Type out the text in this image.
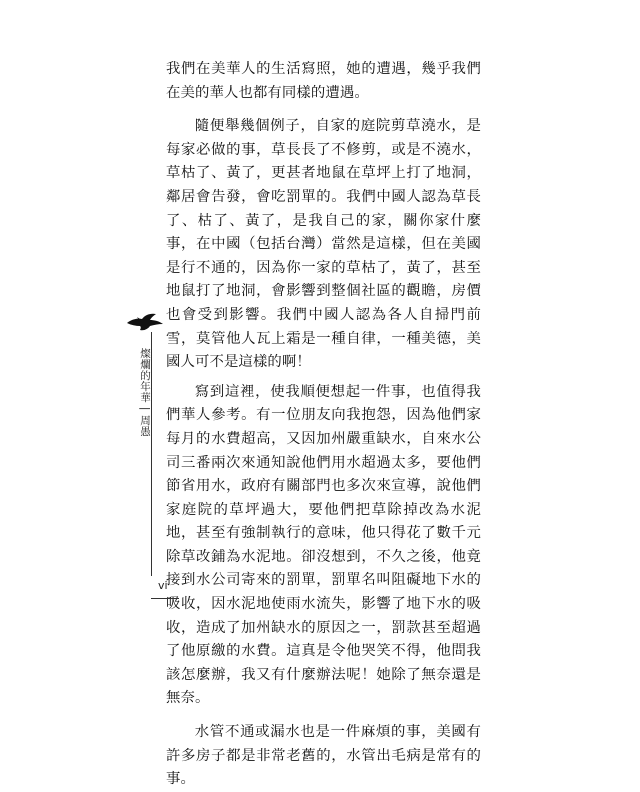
我們在美華人的生活寫照，她的遭遇，幾乎我們在美的華人也都有同樣的遭遇。

隨便舉幾個例子，自家的庭院剪草澆水，是每家必做的事，草長長了不修剪，或是不澆水，草枯了、黃了，更甚者地鼠在草坪上打了地洞，鄰居會告發，會吃罰單的。我們中國人認為草長了、枯了、黃了，是我自己的家，關你家什麼事，在中國（包括台灣）當然是這樣，但在美國是行不通的，因為你一家的草枯了，黃了，甚至地鼠打了地洞，會影響到整個社區的觀瞻，房價也會受到影響。我們中國人認為各人自掃門前雪，莫管他人瓦上霜是一種自律，一種美德，美國人可不是這樣的啊！

寫到這裡，使我順便想起一件事，也值得我們華人參考。有一位朋友向我抱怨，因為他們家每月的水費超高，又因加州嚴重缺水，自來水公司三番兩次來通知說他們用水超過太多，要他們節省用水，政府有關部門也多次來宣導，說他們家庭院的草坪過大，要他們把草除掉改為水泥地，甚至有強制執行的意味，他只得花了數千元除草改鋪為水泥地。卻沒想到，不久之後，他竟接到水公司寄來的罰單，罰單名叫阻礙地下水的吸收，因水泥地使雨水流失，影響了地下水的吸收，造成了加州缺水的原因之一，罰款甚至超過了他原繳的水費。這真是令他哭笑不得，他問我該怎麼辦，我又有什麼辦法呢！她除了無奈還是無奈。

水管不通或漏水也是一件麻煩的事，美國有許多房子都是非常老舊的，水管出毛病是常有的事。

燦爛的年華 | 周愚
vi
